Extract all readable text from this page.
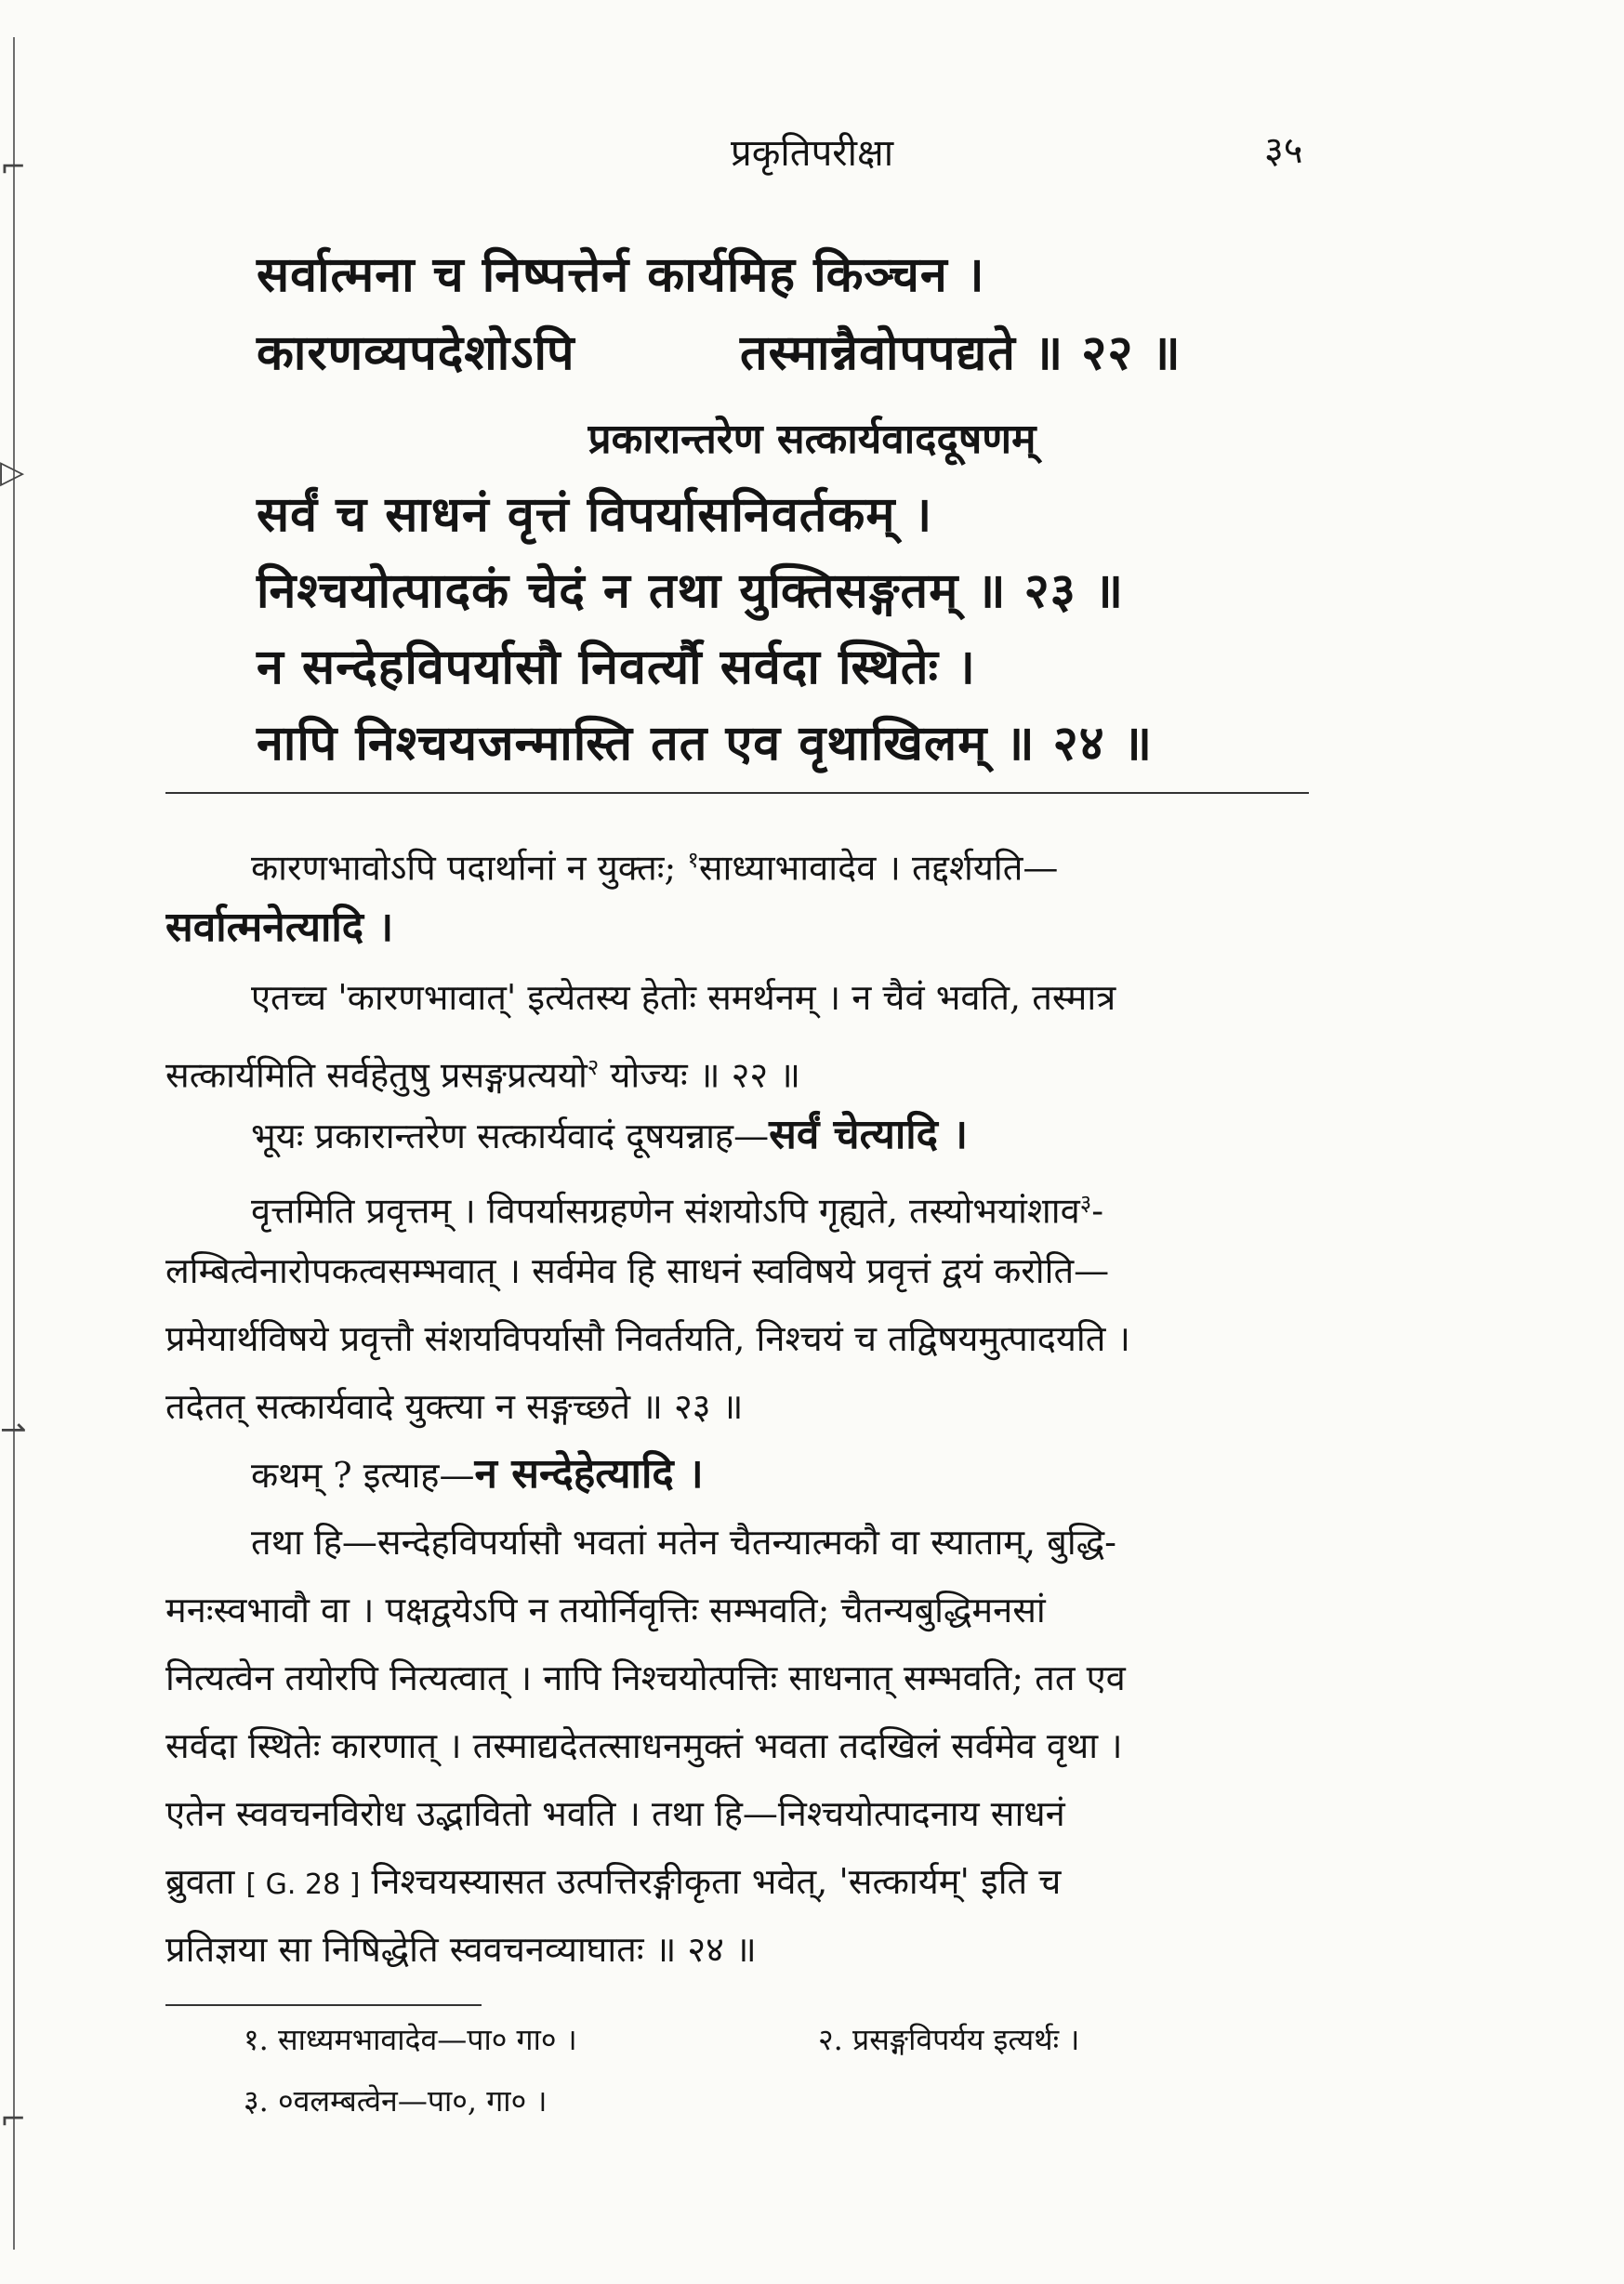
⌐
▷
⇀
⌐
प्रकृतिपरीक्षा	३५
सर्वात्मना च निष्पत्तेर्न कार्यमिह किञ्चन ।
कारणव्यपदेशोऽपि	तस्मान्नैवोपपद्यते ॥ २२ ॥
प्रकारान्तरेण सत्कार्यवाददूषणम्
सर्वं च साधनं वृत्तं विपर्यासनिवर्तकम् ।
निश्चयोत्पादकं चेदं न तथा युक्तिसङ्गतम् ॥ २३ ॥
न सन्देहविपर्यासौ निवर्त्यौ सर्वदा स्थितेः ।
नापि निश्चयजन्मास्ति तत एव वृथाखिलम् ॥ २४ ॥
कारणभावोऽपि पदार्थानां न युक्तः; $^१$साध्याभावादेव । तद्दर्शयति—
सर्वात्मनेत्यादि ।
एतच्च 'कारणभावात्' इत्येतस्य हेतोः समर्थनम् । न चैवं भवति, तस्मात्र
सत्कार्यमिति सर्वहेतुषु प्रसङ्गप्रत्ययो$^२$ योज्यः ॥ २२ ॥
भूयः प्रकारान्तरेण सत्कार्यवादं दूषयन्नाह—सर्वं चेत्यादि ।
वृत्तमिति प्रवृत्तम् । विपर्यासग्रहणेन संशयोऽपि गृह्यते, तस्योभयांशाव$^३$-
लम्बित्वेनारोपकत्वसम्भवात् । सर्वमेव हि साधनं स्वविषये प्रवृत्तं द्वयं करोति—
प्रमेयार्थविषये प्रवृत्तौ संशयविपर्यासौ निवर्तयति, निश्चयं च तद्विषयमुत्पादयति ।
तदेतत् सत्कार्यवादे युक्त्या न सङ्गच्छते ॥ २३ ॥
कथम् ? इत्याह—न सन्देहेत्यादि ।
तथा हि—सन्देहविपर्यासौ भवतां मतेन चैतन्यात्मकौ वा स्याताम्, बुद्धि-
मनःस्वभावौ वा । पक्षद्वयेऽपि न तयोर्निवृत्तिः सम्भवति; चैतन्यबुद्धिमनसां
नित्यत्वेन तयोरपि नित्यत्वात् । नापि निश्चयोत्पत्तिः साधनात् सम्भवति; तत एव
सर्वदा स्थितेः कारणात् । तस्माद्यदेतत्साधनमुक्तं भवता तदखिलं सर्वमेव वृथा ।
एतेन स्ववचनविरोध उद्भावितो भवति । तथा हि—निश्चयोत्पादनाय साधनं
ब्रुवता [ G. 28 ] निश्चयस्यासत उत्पत्तिरङ्गीकृता भवेत्, 'सत्कार्यम्' इति च
प्रतिज्ञया सा निषिद्धेति स्ववचनव्याघातः ॥ २४ ॥
१. साध्यमभावादेव—पा० गा० ।	२. प्रसङ्गविपर्यय इत्यर्थः ।
३. ०वलम्बत्वेन—पा०, गा० ।
